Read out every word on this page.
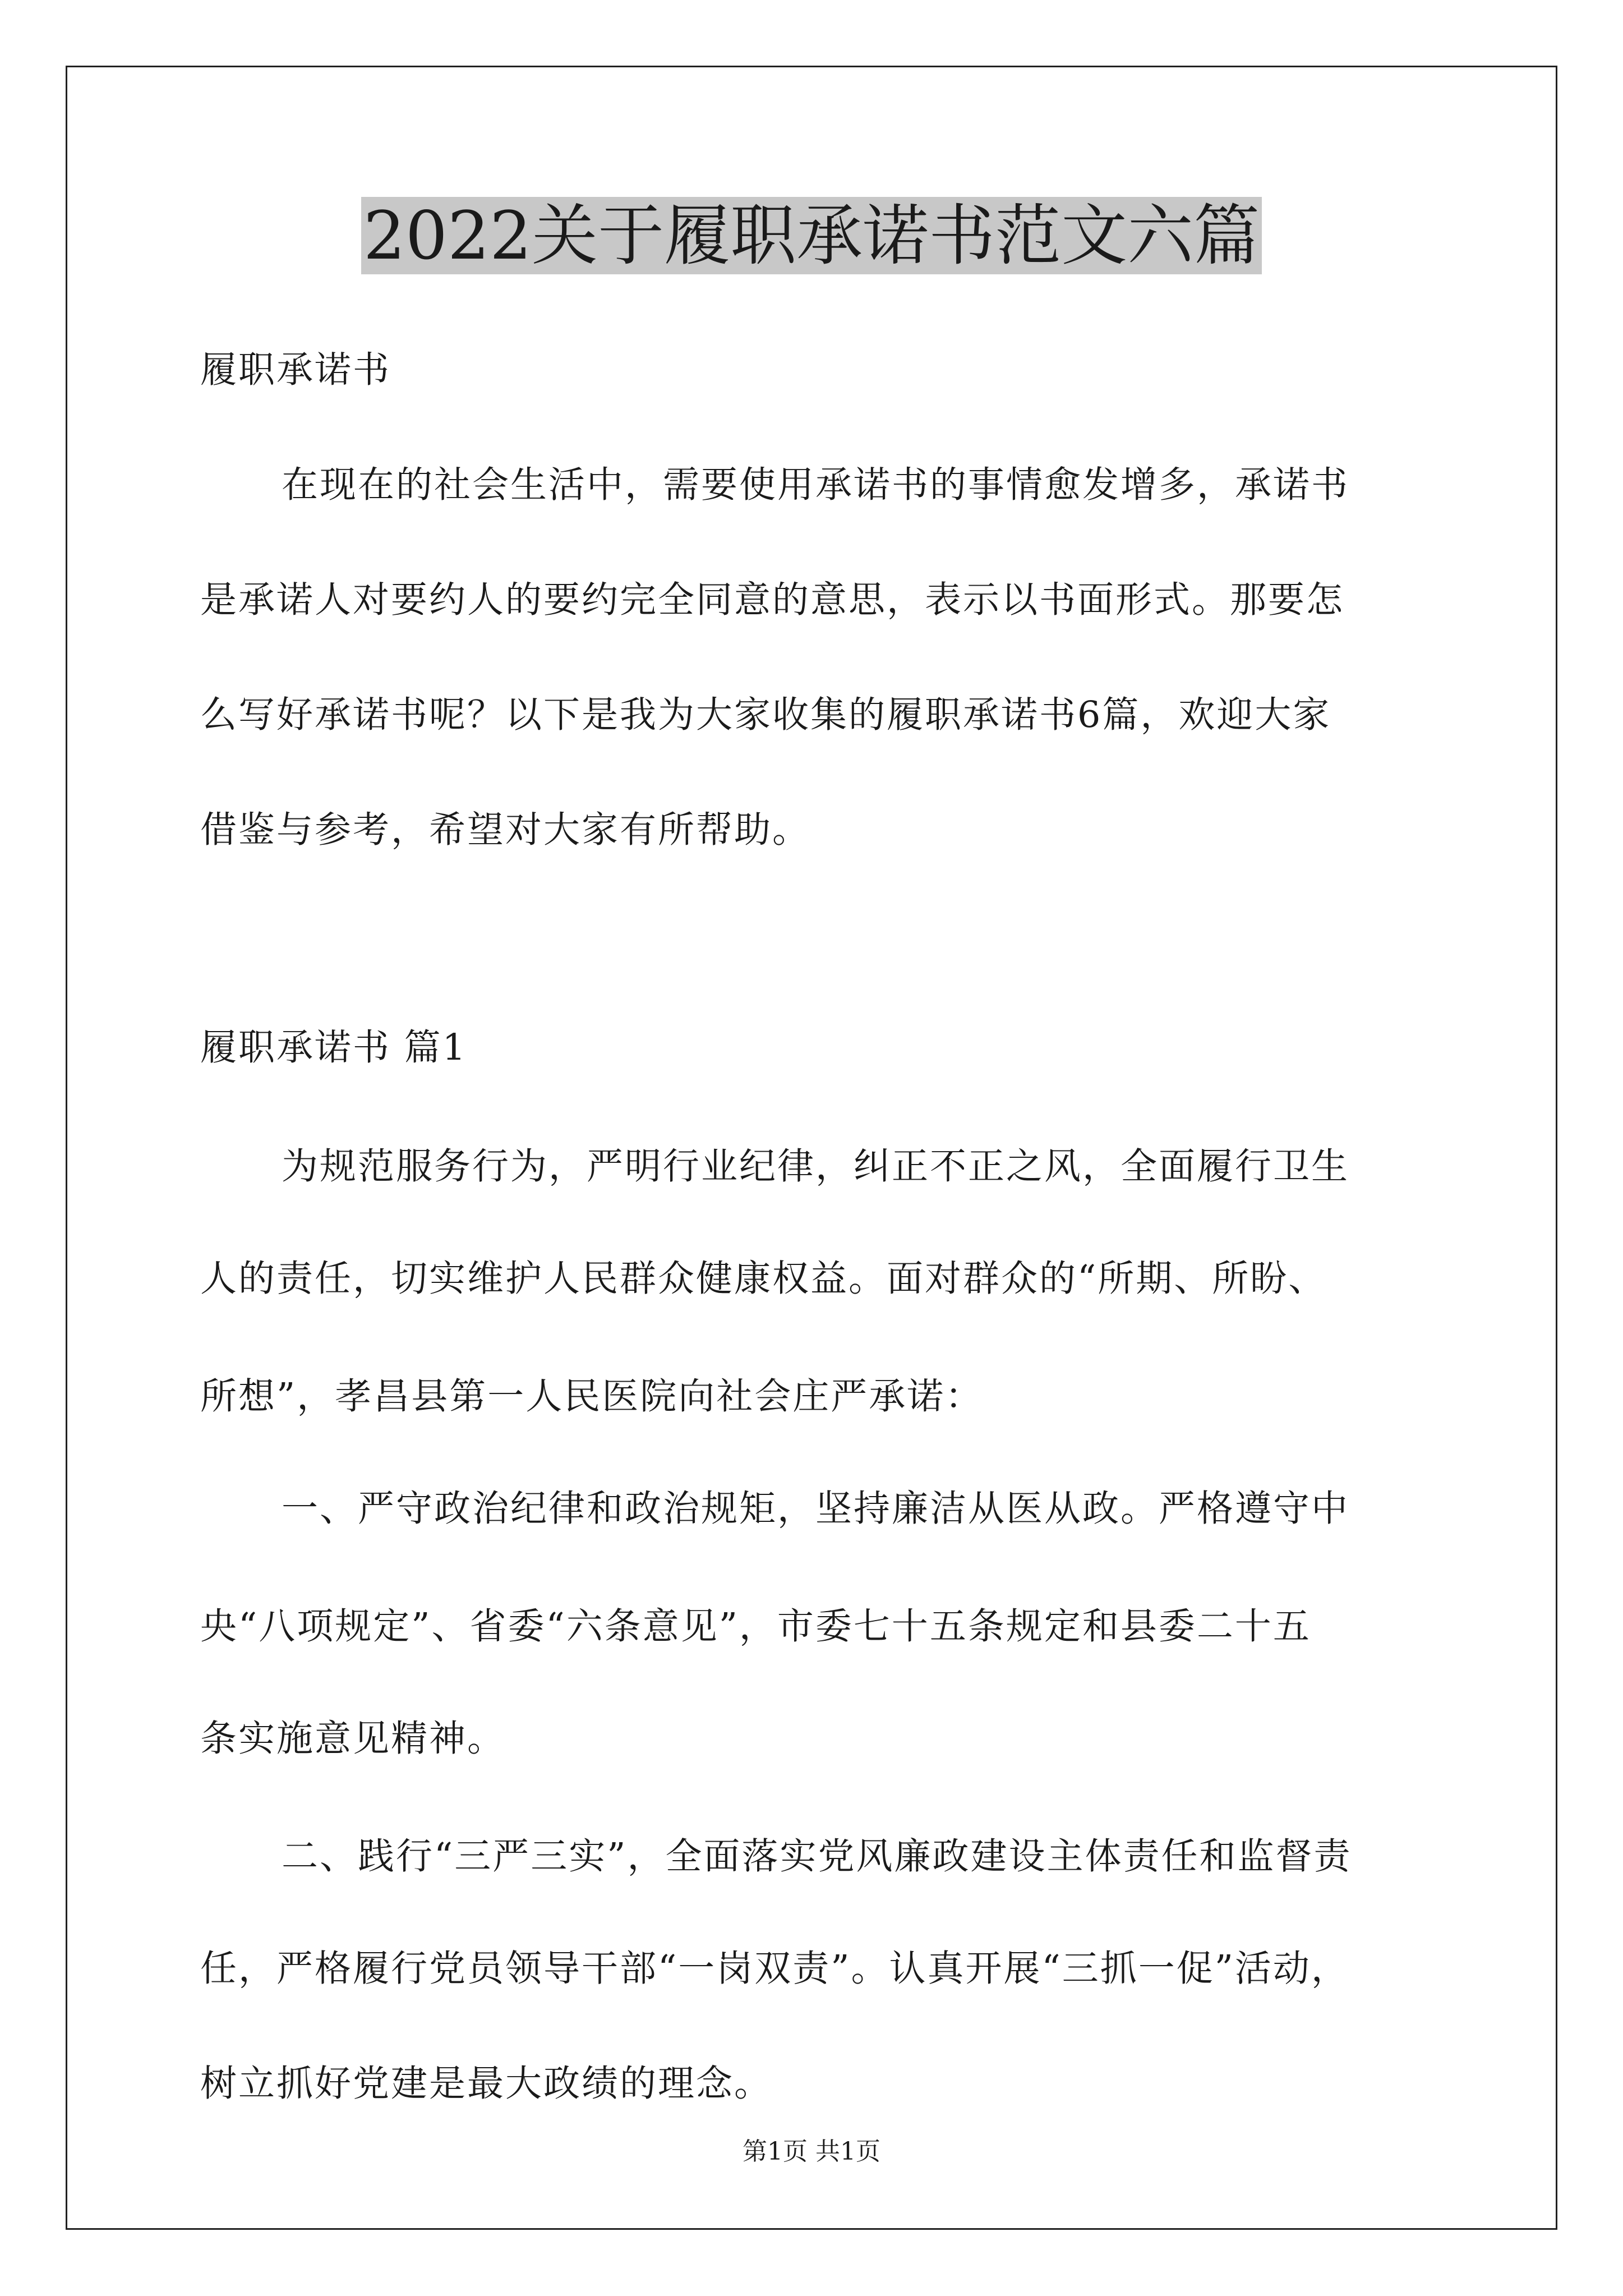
2022关于履职承诺书范文六篇
履职承诺书
在现在的社会生活中，需要使用承诺书的事情愈发增多，承诺书
是承诺人对要约人的要约完全同意的意思，表示以书面形式。那要怎
么写好承诺书呢？以下是我为大家收集的履职承诺书6篇，欢迎大家
借鉴与参考，希望对大家有所帮助。
履职承诺书 篇1
为规范服务行为，严明行业纪律，纠正不正之风，全面履行卫生
人的责任，切实维护人民群众健康权益。面对群众的“所期、所盼、
所想”，孝昌县第一人民医院向社会庄严承诺：
一、严守政治纪律和政治规矩，坚持廉洁从医从政。严格遵守中
央“八项规定”、省委“六条意见”，市委七十五条规定和县委二十五
条实施意见精神。
二、践行“三严三实”，全面落实党风廉政建设主体责任和监督责
任，严格履行党员领导干部“一岗双责”。认真开展“三抓一促”活动，
树立抓好党建是最大政绩的理念。
第1页 共1页
